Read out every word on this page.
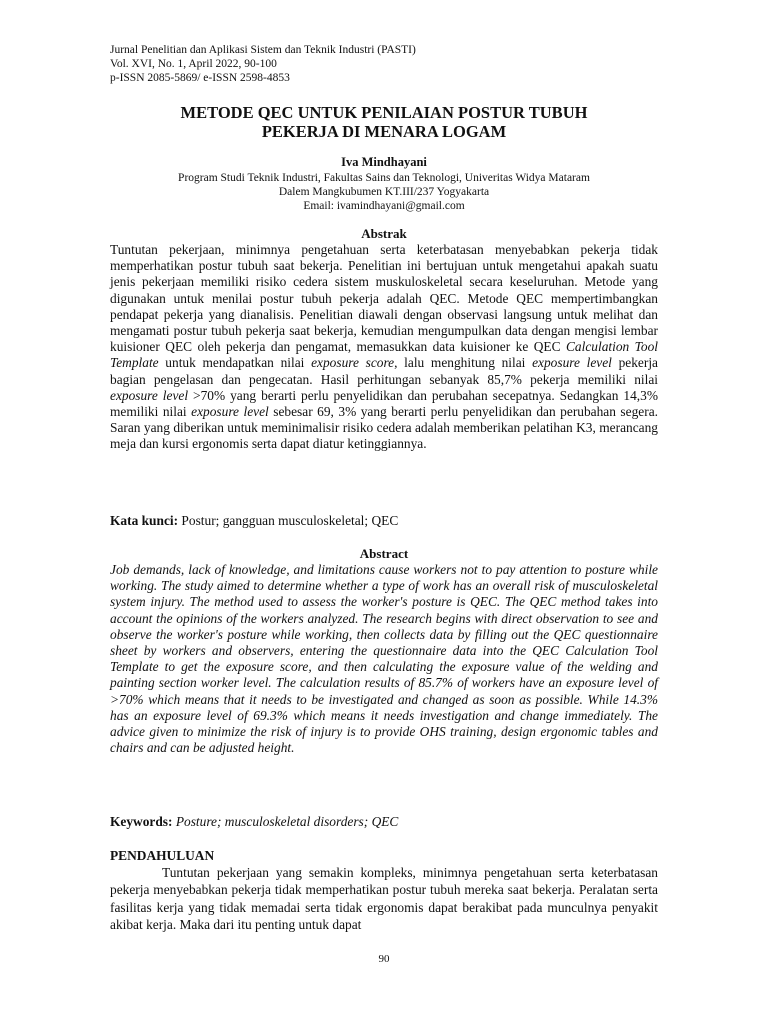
Jurnal Penelitian dan Aplikasi Sistem dan Teknik Industri (PASTI)
Vol. XVI, No. 1, April 2022, 90-100
p-ISSN 2085-5869/ e-ISSN 2598-4853
METODE QEC UNTUK PENILAIAN POSTUR TUBUH
PEKERJA DI MENARA LOGAM
Iva Mindhayani
Program Studi Teknik Industri, Fakultas Sains dan Teknologi, Univeritas Widya Mataram
Dalem Mangkubumen KT.III/237 Yogyakarta
Email: ivamindhayani@gmail.com
Abstrak
Tuntutan pekerjaan, minimnya pengetahuan serta keterbatasan menyebabkan pekerja tidak memperhatikan postur tubuh saat bekerja. Penelitian ini bertujuan untuk mengetahui apakah suatu jenis pekerjaan memiliki risiko cedera sistem muskuloskeletal secara keseluruhan. Metode yang digunakan untuk menilai postur tubuh pekerja adalah QEC. Metode QEC mempertimbangkan pendapat pekerja yang dianalisis. Penelitian diawali dengan observasi langsung untuk melihat dan mengamati postur tubuh pekerja saat bekerja, kemudian mengumpulkan data dengan mengisi lembar kuisioner QEC oleh pekerja dan pengamat, memasukkan data kuisioner ke QEC Calculation Tool Template untuk mendapatkan nilai exposure score, lalu menghitung nilai exposure level pekerja bagian pengelasan dan pengecatan. Hasil perhitungan sebanyak 85,7% pekerja memiliki nilai exposure level >70% yang berarti perlu penyelidikan dan perubahan secepatnya. Sedangkan 14,3% memiliki nilai exposure level sebesar 69, 3% yang berarti perlu penyelidikan dan perubahan segera. Saran yang diberikan untuk meminimalisir risiko cedera adalah memberikan pelatihan K3, merancang meja dan kursi ergonomis serta dapat diatur ketinggiannya.
Kata kunci: Postur; gangguan musculoskeletal; QEC
Abstract
Job demands, lack of knowledge, and limitations cause workers not to pay attention to posture while working. The study aimed to determine whether a type of work has an overall risk of musculoskeletal system injury. The method used to assess the worker's posture is QEC. The QEC method takes into account the opinions of the workers analyzed. The research begins with direct observation to see and observe the worker's posture while working, then collects data by filling out the QEC questionnaire sheet by workers and observers, entering the questionnaire data into the QEC Calculation Tool Template to get the exposure score, and then calculating the exposure value of the welding and painting section worker level. The calculation results of 85.7% of workers have an exposure level of >70% which means that it needs to be investigated and changed as soon as possible. While 14.3% has an exposure level of 69.3% which means it needs investigation and change immediately. The advice given to minimize the risk of injury is to provide OHS training, design ergonomic tables and chairs and can be adjusted height.
Keywords: Posture; musculoskeletal disorders; QEC
PENDAHULUAN
Tuntutan pekerjaan yang semakin kompleks, minimnya pengetahuan serta keterbatasan pekerja menyebabkan pekerja tidak memperhatikan postur tubuh mereka saat bekerja. Peralatan serta fasilitas kerja yang tidak memadai serta tidak ergonomis dapat berakibat pada munculnya penyakit akibat kerja. Maka dari itu penting untuk dapat
90
